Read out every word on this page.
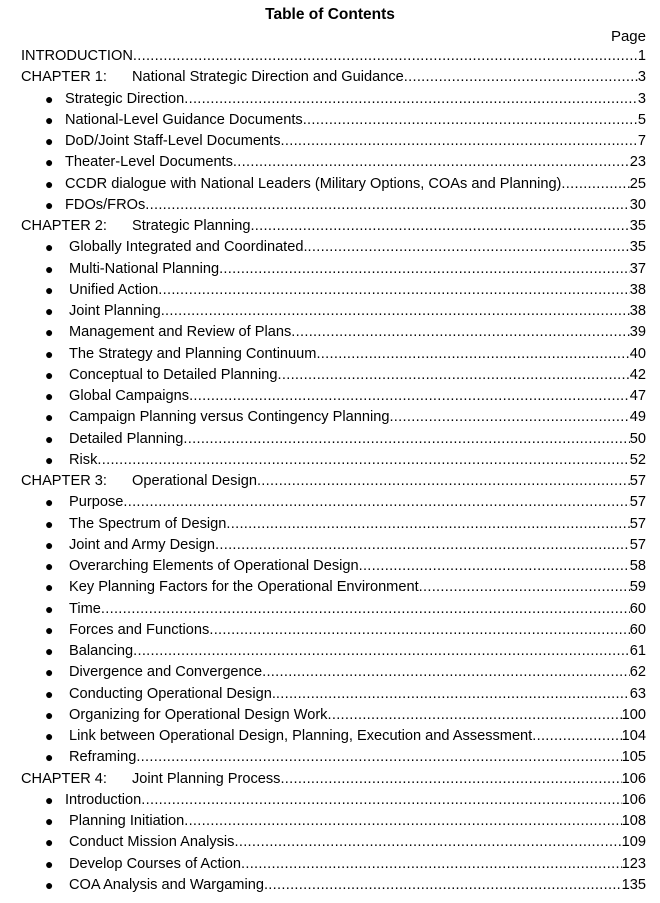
Table of Contents
Page
INTRODUCTION .....	1
CHAPTER 1:	National Strategic Direction and Guidance .....	3
● Strategic Direction .....	3
● National-Level Guidance Documents .....	5
● DoD/Joint Staff-Level Documents .....	7
● Theater-Level Documents .....	23
● CCDR dialogue with National Leaders (Military Options, COAs and Planning) .....	25
● FDOs/FROs .....	30
CHAPTER 2:	Strategic Planning .....	35
● Globally Integrated and Coordinated. .....	35
● Multi-National Planning .....	37
● Unified Action .....	38
● Joint Planning .....	38
● Management and Review of Plans .....	39
● The Strategy and Planning Continuum .....	40
● Conceptual to Detailed Planning .....	42
● Global Campaigns .....	47
● Campaign Planning versus Contingency Planning .....	49
● Detailed Planning .....	50
● Risk .....	52
CHAPTER 3:	Operational Design .....	57
● Purpose .....	57
● The Spectrum of Design .....	57
● Joint and Army Design .....	57
● Overarching Elements of Operational Design .....	58
● Key Planning Factors for the Operational Environment .....	59
● Time .....	60
● Forces and Functions .....	60
● Balancing .....	61
● Divergence and Convergence .....	62
● Conducting Operational Design. .....	63
● Organizing for Operational Design Work .....	100
● Link between Operational Design, Planning, Execution and Assessment .....	104
● Reframing .....	105
CHAPTER 4:	Joint Planning Process .....	106
● Introduction .....	106
● Planning Initiation .....	108
● Conduct Mission Analysis .....	109
● Develop Courses of Action .....	123
● COA Analysis and Wargaming .....	135
